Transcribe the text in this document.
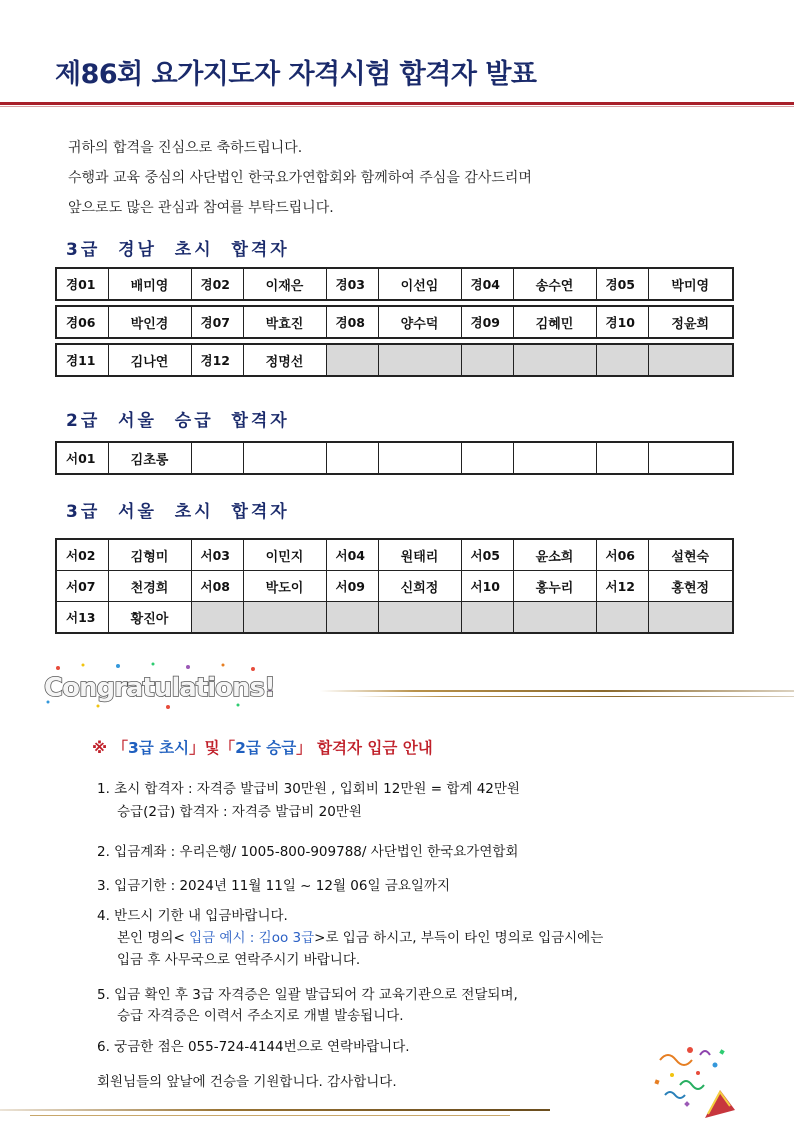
제86회 요가지도자 자격시험 합격자 발표
귀하의 합격을 진심으로 축하드립니다.
수행과 교육 중심의 사단법인 한국요가연합회와 함께하여 주심을 감사드리며
앞으로도 많은 관심과 참여를 부탁드립니다.
3급  경남  초시  합격자
경01	배미영	경02	이재은	경03	이선임	경04	송수연	경05	박미영
경06	박인경	경07	박효진	경08	양수덕	경09	김혜민	경10	정윤희
경11	김나연	경12	정명선						
2급  서울  승급  합격자
서01	김초롱								
3급  서울  초시  합격자
서02	김형미	서03	이민지	서04	원태리	서05	윤소희	서06	설현숙
서07	천경희	서08	박도이	서09	신희정	서10	홍누리	서12	홍현정
서13	황진아								
Congratulations!
※ 「3급 초시」및「2급 승급」 합격자 입금 안내
1. 초시 합격자 : 자격증 발급비 30만원 , 입회비 12만원 = 합계 42만원
승급(2급) 합격자 : 자격증 발급비 20만원
2. 입금계좌 : 우리은행/ 1005-800-909788/ 사단법인 한국요가연합회
3. 입금기한 : 2024년 11월 11일 ~ 12월 06일 금요일까지
4. 반드시 기한 내 입금바랍니다.
본인 명의< 입금 예시 : 김oo 3급>로 입금 하시고, 부득이 타인 명의로 입금시에는
입금 후 사무국으로 연락주시기 바랍니다.
5. 입금 확인 후 3급 자격증은 일괄 발급되어 각 교육기관으로 전달되며,
승급 자격증은 이력서 주소지로 개별 발송됩니다.
6. 궁금한 점은 055-724-4144번으로 연락바랍니다.
회원님들의 앞날에 건승을 기원합니다. 감사합니다.
